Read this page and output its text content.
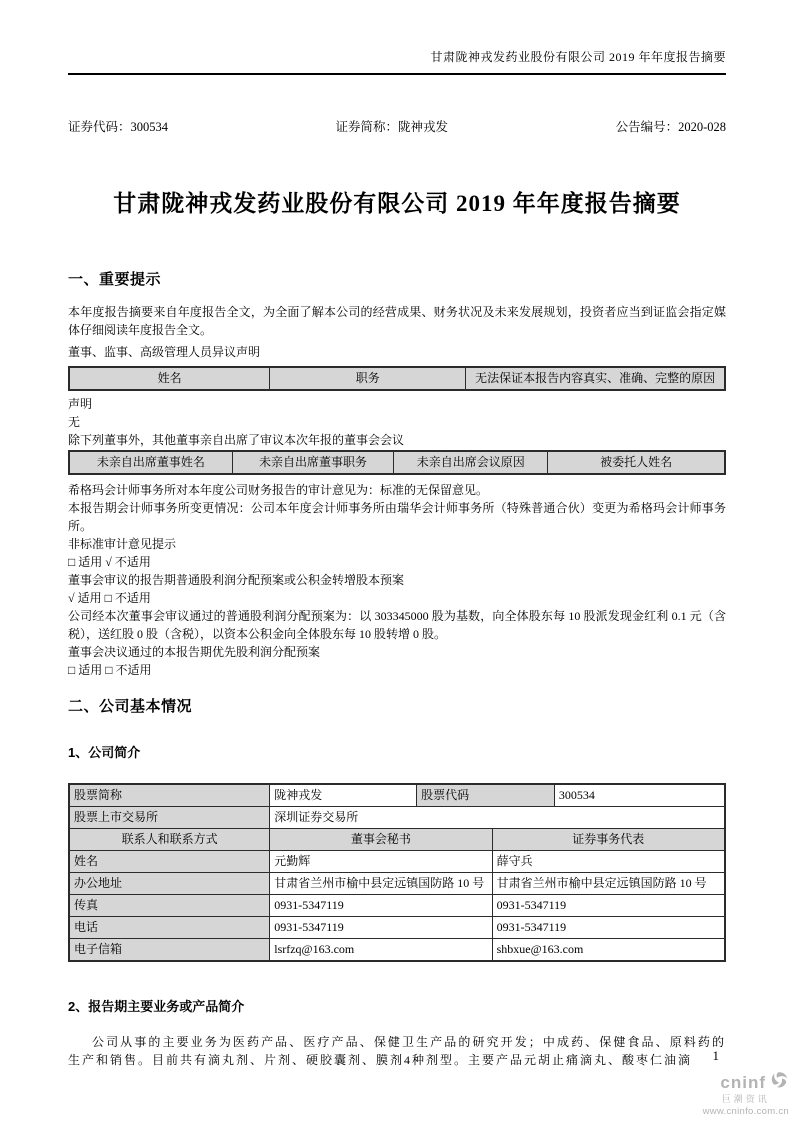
甘肃陇神戎发药业股份有限公司 2019 年年度报告摘要
证券代码：300534	证券简称：陇神戎发	公告编号：2020-028
甘肃陇神戎发药业股份有限公司 2019 年年度报告摘要
一、重要提示

本年度报告摘要来自年度报告全文，为全面了解本公司的经营成果、财务状况及未来发展规划，投资者应当到证监会指定媒体仔细阅读年度报告全文。

董事、监事、高级管理人员异议声明

姓名	职务	无法保证本报告内容真实、准确、完整的原因

声明

无

除下列董事外，其他董事亲自出席了审议本次年报的董事会会议

未亲自出席董事姓名	未亲自出席董事职务	未亲自出席会议原因	被委托人姓名

希格玛会计师事务所对本年度公司财务报告的审计意见为：标准的无保留意见。

本报告期会计师事务所变更情况：公司本年度会计师事务所由瑞华会计师事务所（特殊普通合伙）变更为希格玛会计师事务所。

非标准审计意见提示

□ 适用 √ 不适用

董事会审议的报告期普通股利润分配预案或公积金转增股本预案

√ 适用 □ 不适用

公司经本次董事会审议通过的普通股利润分配预案为：以 303345000 股为基数，向全体股东每 10 股派发现金红利 0.1 元（含税），送红股 0 股（含税），以资本公积金向全体股东每 10 股转增 0 股。

董事会决议通过的本报告期优先股利润分配预案

□ 适用 □ 不适用

二、公司基本情况
1、公司简介
股票简称	陇神戎发	股票代码		300534
股票上市交易所	深圳证券交易所			
联系人和联系方式	董事会秘书		证券事务代表	
姓名	元勤辉		薛守兵	
办公地址	甘肃省兰州市榆中县定远镇国防路 10 号		甘肃省兰州市榆中县定远镇国防路 10 号	
传真	0931-5347119		0931-5347119	
电话	0931-5347119		0931-5347119	
电子信箱	lsrfzq@163.com		shbxue@163.com	
2、报告期主要业务或产品简介

公司从事的主要业务为医药产品、医疗产品、保健卫生产品的研究开发；中成药、保健食品、原料药的生产和销售。目前共有滴丸剂、片剂、硬胶囊剂、膜剂4种剂型。主要产品元胡止痛滴丸、酸枣仁油滴	1
cninf
巨潮资讯
www.cninfo.com.cn
